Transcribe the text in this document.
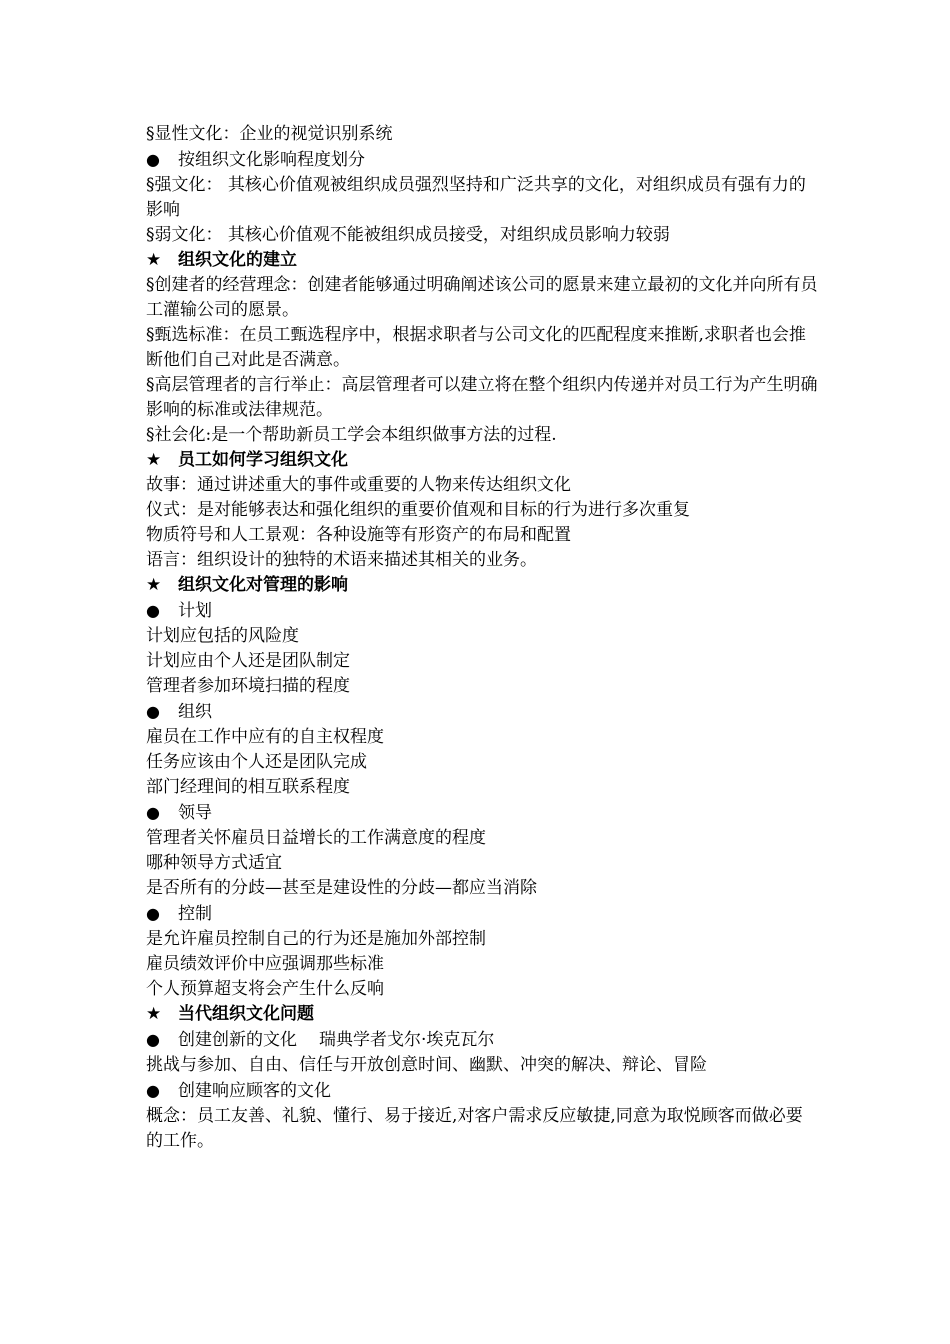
§显性文化：企业的视觉识别系统
● 按组织文化影响程度划分
§强文化： 其核心价值观被组织成员强烈坚持和广泛共享的文化，对组织成员有强有力的影响
§弱文化： 其核心价值观不能被组织成员接受，对组织成员影响力较弱
★ 组织文化的建立
§创建者的经营理念：创建者能够通过明确阐述该公司的愿景来建立最初的文化并向所有员工灌输公司的愿景。
§甄选标准：在员工甄选程序中，根据求职者与公司文化的匹配程度来推断,求职者也会推断他们自己对此是否满意。
§高层管理者的言行举止：高层管理者可以建立将在整个组织内传递并对员工行为产生明确影响的标准或法律规范。
§社会化:是一个帮助新员工学会本组织做事方法的过程.
★ 员工如何学习组织文化
故事：通过讲述重大的事件或重要的人物来传达组织文化
仪式：是对能够表达和强化组织的重要价值观和目标的行为进行多次重复
物质符号和人工景观：各种设施等有形资产的布局和配置
语言：组织设计的独特的术语来描述其相关的业务。
★ 组织文化对管理的影响
● 计划
计划应包括的风险度
计划应由个人还是团队制定
管理者参加环境扫描的程度
● 组织
雇员在工作中应有的自主权程度
任务应该由个人还是团队完成
部门经理间的相互联系程度
● 领导
管理者关怀雇员日益增长的工作满意度的程度
哪种领导方式适宜
是否所有的分歧—甚至是建设性的分歧—都应当消除
● 控制
是允许雇员控制自己的行为还是施加外部控制
雇员绩效评价中应强调那些标准
个人预算超支将会产生什么反响
★ 当代组织文化问题
● 创建创新的文化 瑞典学者戈尔·埃克瓦尔
挑战与参加、自由、信任与开放创意时间、幽默、冲突的解决、辩论、冒险
● 创建响应顾客的文化
概念：员工友善、礼貌、懂行、易于接近,对客户需求反应敏捷,同意为取悦顾客而做必要的工作。
